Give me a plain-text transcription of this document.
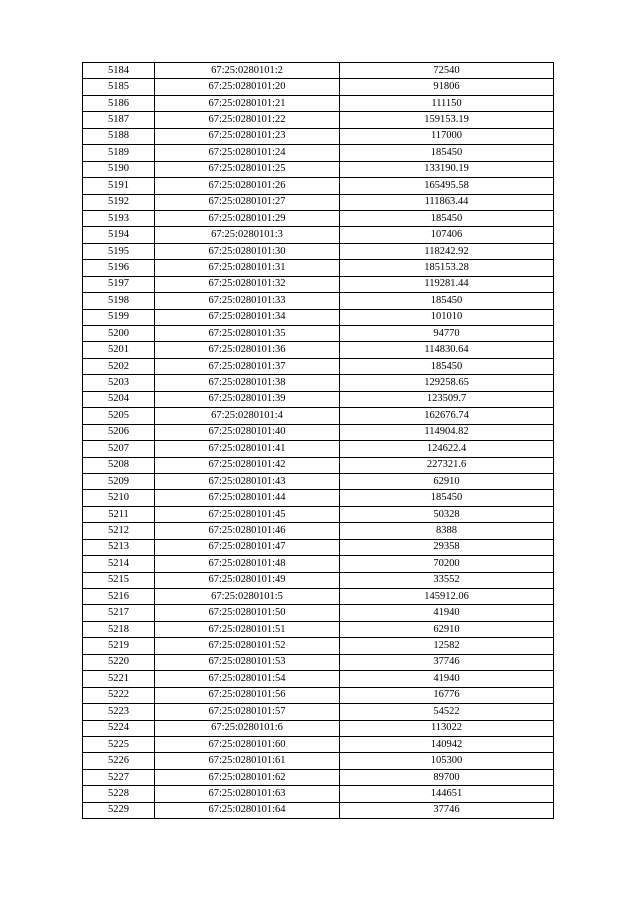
5184	67:25:0280101:2	72540
5185	67:25:0280101:20	91806
5186	67:25:0280101:21	111150
5187	67:25:0280101:22	159153.19
5188	67:25:0280101:23	117000
5189	67:25:0280101:24	185450
5190	67:25:0280101:25	133190.19
5191	67:25:0280101:26	165495.58
5192	67:25:0280101:27	111863.44
5193	67:25:0280101:29	185450
5194	67:25:0280101:3	107406
5195	67:25:0280101:30	118242.92
5196	67:25:0280101:31	185153.28
5197	67:25:0280101:32	119281.44
5198	67:25:0280101:33	185450
5199	67:25:0280101:34	101010
5200	67:25:0280101:35	94770
5201	67:25:0280101:36	114830.64
5202	67:25:0280101:37	185450
5203	67:25:0280101:38	129258.65
5204	67:25:0280101:39	123509.7
5205	67:25:0280101:4	162676.74
5206	67:25:0280101:40	114904.82
5207	67:25:0280101:41	124622.4
5208	67:25:0280101:42	227321.6
5209	67:25:0280101:43	62910
5210	67:25:0280101:44	185450
5211	67:25:0280101:45	50328
5212	67:25:0280101:46	8388
5213	67:25:0280101:47	29358
5214	67:25:0280101:48	70200
5215	67:25:0280101:49	33552
5216	67:25:0280101:5	145912.06
5217	67:25:0280101:50	41940
5218	67:25:0280101:51	62910
5219	67:25:0280101:52	12582
5220	67:25:0280101:53	37746
5221	67:25:0280101:54	41940
5222	67:25:0280101:56	16776
5223	67:25:0280101:57	54522
5224	67:25:0280101:6	113022
5225	67:25:0280101:60	140942
5226	67:25:0280101:61	105300
5227	67:25:0280101:62	89700
5228	67:25:0280101:63	144651
5229	67:25:0280101:64	37746
